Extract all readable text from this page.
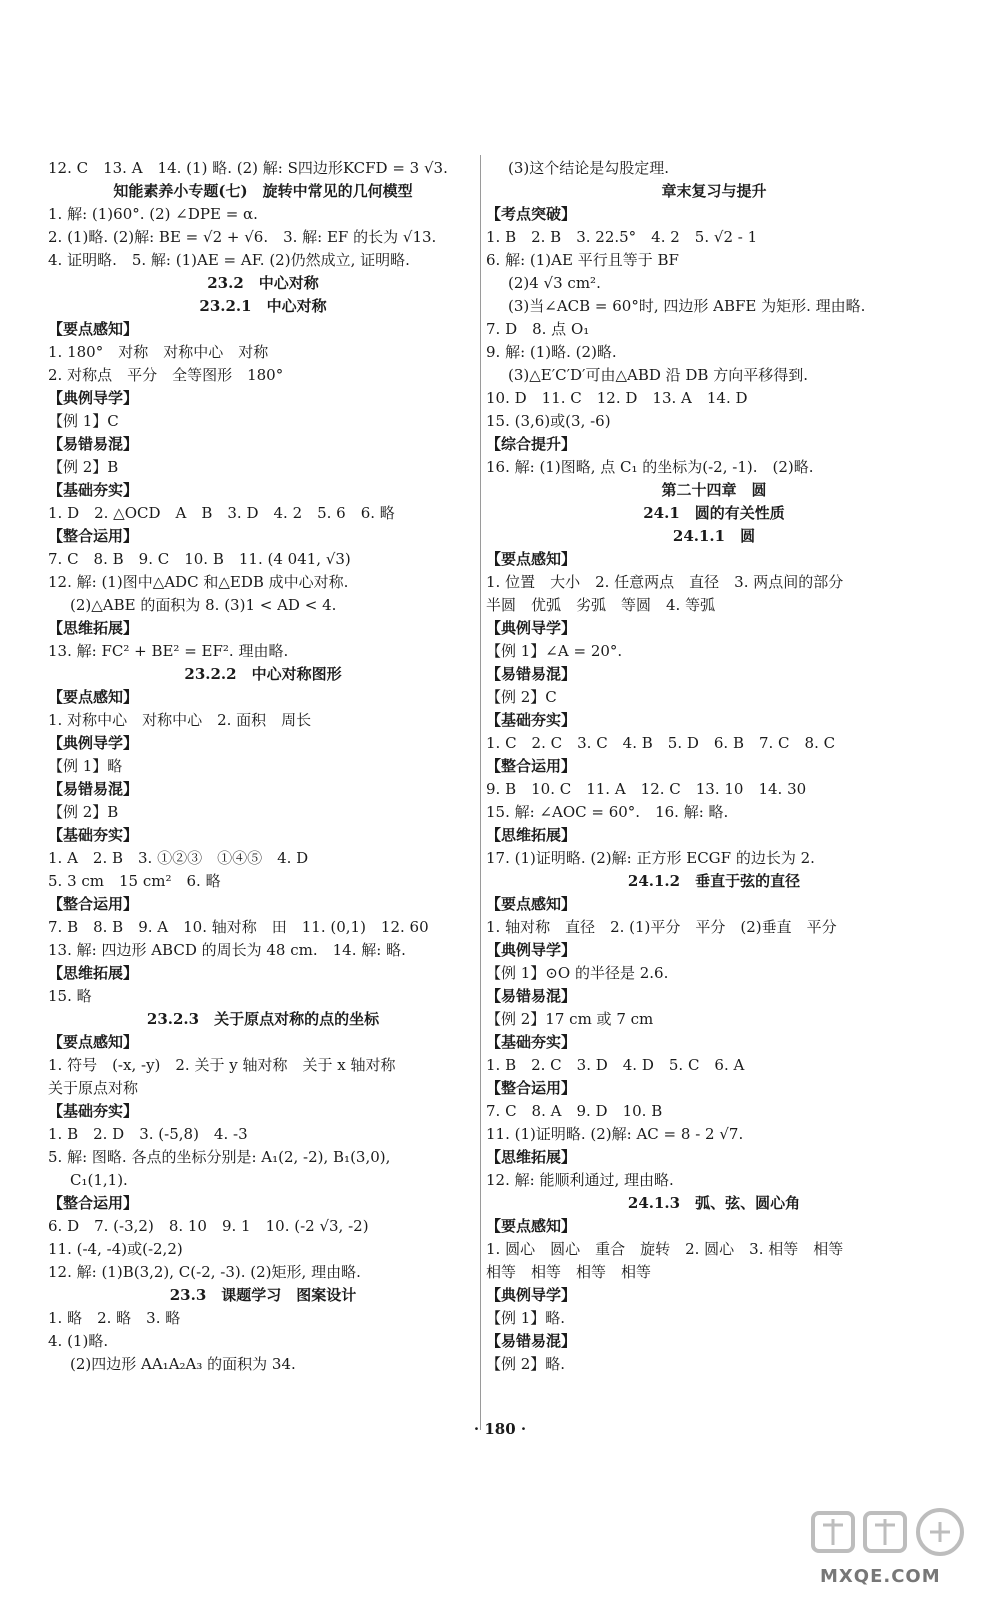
12. C　13. A　14. (1) 略. (2) 解: S四边形KCFD = 3 √3.
知能素养小专题(七)　旋转中常见的几何模型
1. 解: (1)60°. (2) ∠DPE = α.
2. (1)略. (2)解: BE = √2 + √6.　3. 解: EF 的长为 √13.
4. 证明略.　5. 解: (1)AE = AF. (2)仍然成立, 证明略.
23.2　中心对称
23.2.1　中心对称
【要点感知】
1. 180°　对称　对称中心　对称
2. 对称点　平分　全等图形　180°
【典例导学】
【例 1】C
【易错易混】
【例 2】B
【基础夯实】
1. D　2. △OCD　A　B　3. D　4. 2　5. 6　6. 略
【整合运用】
7. C　8. B　9. C　10. B　11. (4 041, √3)
12. 解: (1)图中△ADC 和△EDB 成中心对称.
(2)△ABE 的面积为 8. (3)1 < AD < 4.
【思维拓展】
13. 解: FC² + BE² = EF². 理由略.
23.2.2　中心对称图形
【要点感知】
1. 对称中心　对称中心　2. 面积　周长
【典例导学】
【例 1】略
【易错易混】
【例 2】B
【基础夯实】
1. A　2. B　3. ①②③　①④⑤　4. D
5. 3 cm　15 cm²　6. 略
【整合运用】
7. B　8. B　9. A　10. 轴对称　田　11. (0,1)　12. 60
13. 解: 四边形 ABCD 的周长为 48 cm.　14. 解: 略.
【思维拓展】
15. 略
23.2.3　关于原点对称的点的坐标
【要点感知】
1. 符号　(-x, -y)　2. 关于 y 轴对称　关于 x 轴对称
关于原点对称
【基础夯实】
1. B　2. D　3. (-5,8)　4. -3
5. 解: 图略. 各点的坐标分别是: A₁(2, -2), B₁(3,0),
C₁(1,1).
【整合运用】
6. D　7. (-3,2)　8. 10　9. 1　10. (-2 √3, -2)
11. (-4, -4)或(-2,2)
12. 解: (1)B(3,2), C(-2, -3). (2)矩形, 理由略.
23.3　课题学习　图案设计
1. 略　2. 略　3. 略
4. (1)略.
(2)四边形 AA₁A₂A₃ 的面积为 34.
(3)这个结论是勾股定理.
章末复习与提升
【考点突破】
1. B　2. B　3. 22.5°　4. 2　5. √2 - 1
6. 解: (1)AE 平行且等于 BF
(2)4 √3 cm².
(3)当∠ACB = 60°时, 四边形 ABFE 为矩形. 理由略.
7. D　8. 点 O₁
9. 解: (1)略. (2)略.
(3)△E′C′D′可由△ABD 沿 DB 方向平移得到.
10. D　11. C　12. D　13. A　14. D
15. (3,6)或(3, -6)
【综合提升】
16. 解: (1)图略, 点 C₁ 的坐标为(-2, -1).　(2)略.
第二十四章　圆
24.1　圆的有关性质
24.1.1　圆
【要点感知】
1. 位置　大小　2. 任意两点　直径　3. 两点间的部分
半圆　优弧　劣弧　等圆　4. 等弧
【典例导学】
【例 1】∠A = 20°.
【易错易混】
【例 2】C
【基础夯实】
1. C　2. C　3. C　4. B　5. D　6. B　7. C　8. C
【整合运用】
9. B　10. C　11. A　12. C　13. 10　14. 30
15. 解: ∠AOC = 60°.　16. 解: 略.
【思维拓展】
17. (1)证明略. (2)解: 正方形 ECGF 的边长为 2.
24.1.2　垂直于弦的直径
【要点感知】
1. 轴对称　直径　2. (1)平分　平分　(2)垂直　平分
【典例导学】
【例 1】⊙O 的半径是 2.6.
【易错易混】
【例 2】17 cm 或 7 cm
【基础夯实】
1. B　2. C　3. D　4. D　5. C　6. A
【整合运用】
7. C　8. A　9. D　10. B
11. (1)证明略. (2)解: AC = 8 - 2 √7.
【思维拓展】
12. 解: 能顺利通过, 理由略.
24.1.3　弧、弦、圆心角
【要点感知】
1. 圆心　圆心　重合　旋转　2. 圆心　3. 相等　相等
相等　相等　相等　相等
【典例导学】
【例 1】略.
【易错易混】
【例 2】略.
· 180 ·
MXQE.COM
